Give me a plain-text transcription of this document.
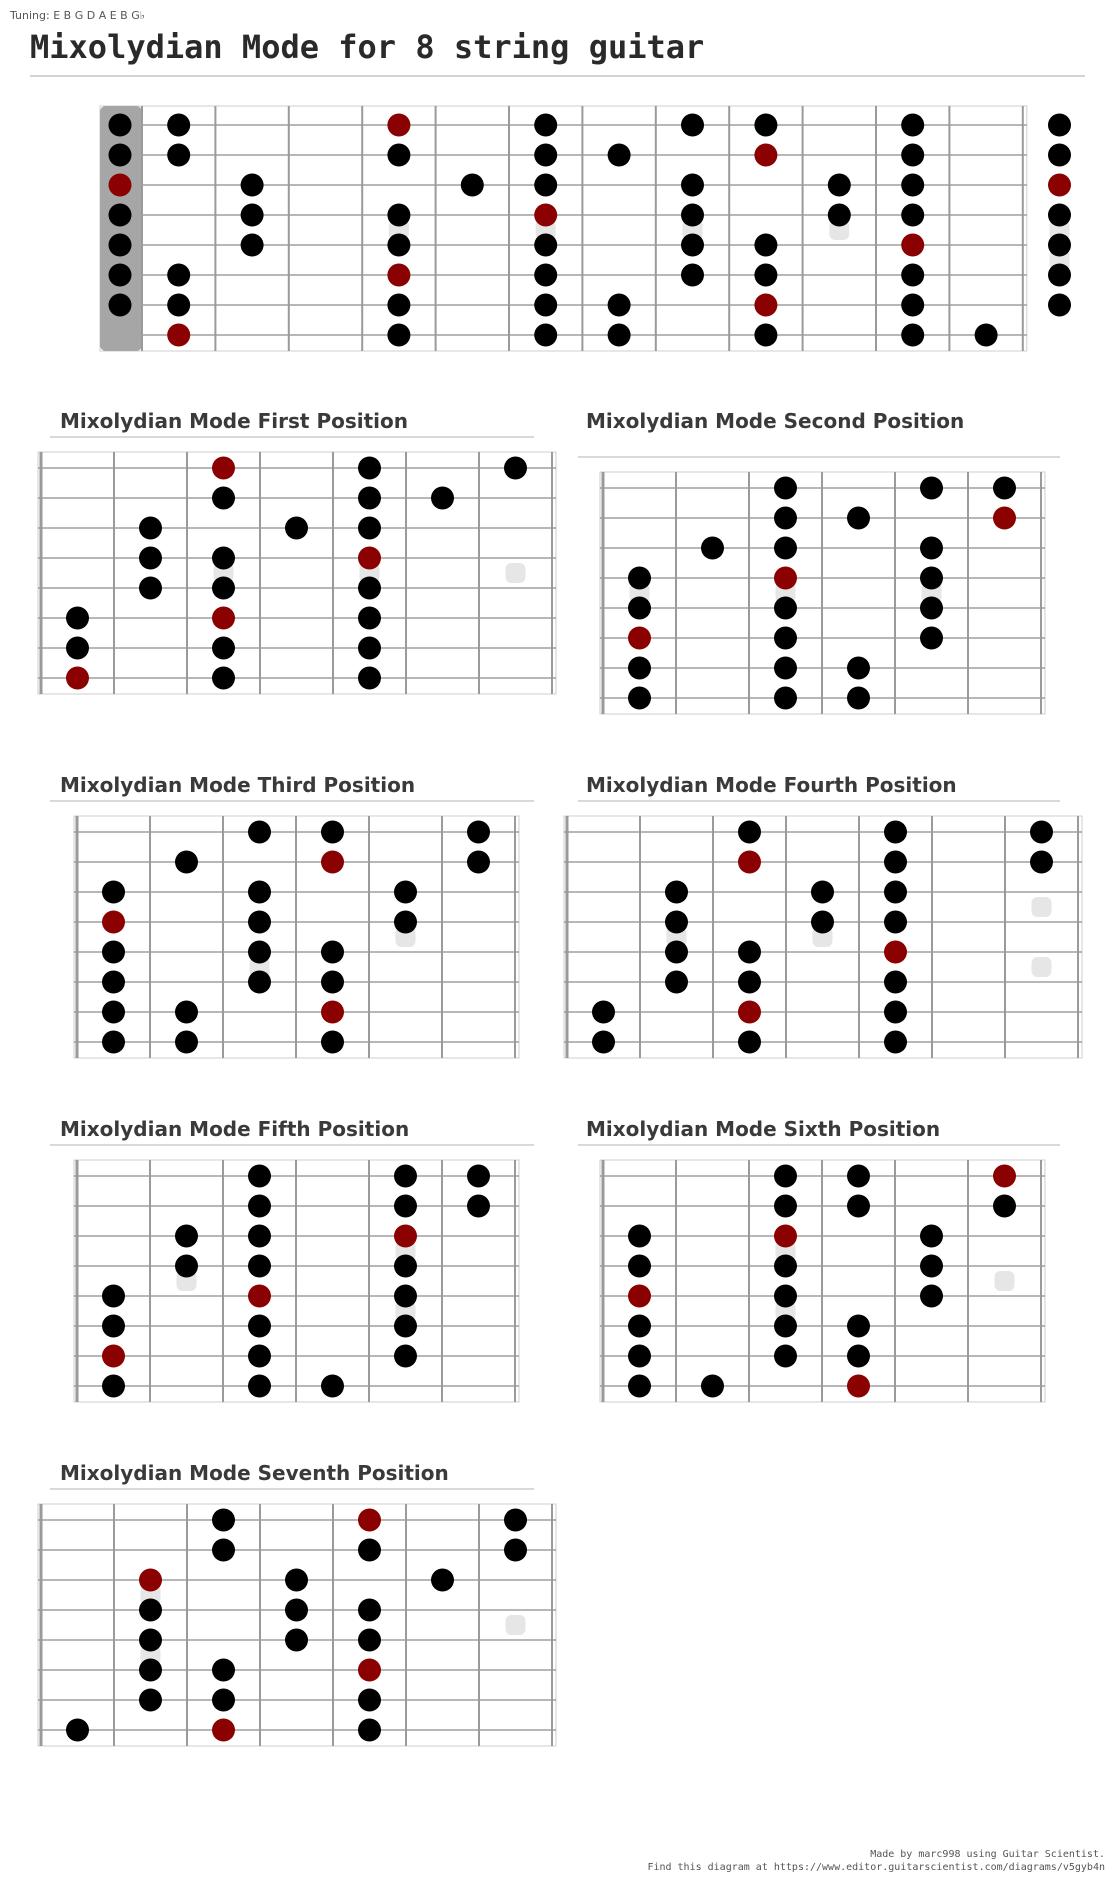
Tuning: E B G D A E B G♭
Mixolydian Mode for 8 string guitar
Mixolydian Mode First Position	Mixolydian Mode Second Position
Mixolydian Mode Third Position	Mixolydian Mode Fourth Position
Mixolydian Mode Fifth Position	Mixolydian Mode Sixth Position
Mixolydian Mode Seventh Position
Made by marc998 using Guitar Scientist.
Find this diagram at https://www.editor.guitarscientist.com/diagrams/v5gyb4n
